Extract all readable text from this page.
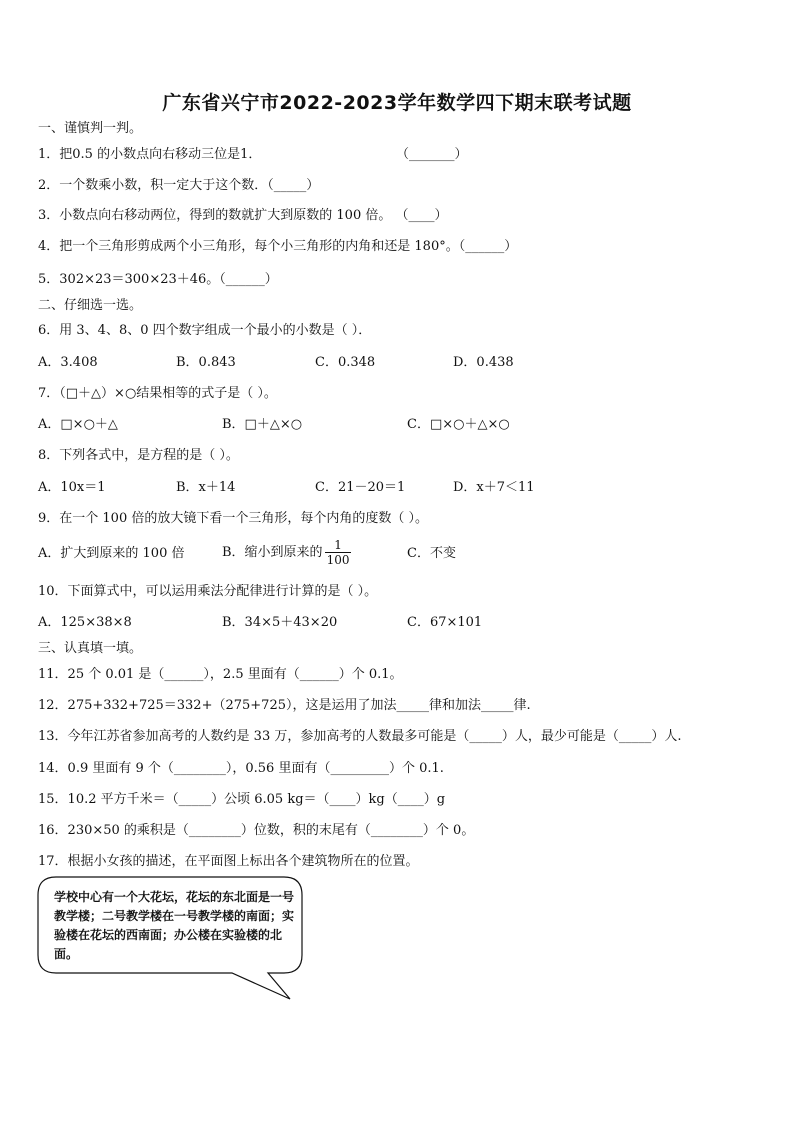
广东省兴宁市2022-2023学年数学四下期末联考试题
一、谨慎判一判。
1．把0.5 的小数点向右移动三位是1．	（_______）
2．一个数乘小数，积一定大于这个数．（_____）
3．小数点向右移动两位，得到的数就扩大到原数的 100 倍。 （____）
4．把一个三角形剪成两个小三角形，每个小三角形的内角和还是 180°。（______）
5．302×23＝300×23＋46。（______）
二、仔细选一选。
6．用 3、4、8、0 四个数字组成一个最小的小数是（ ）．
A．3.408	B．0.843	C．0.348	D．0.438
7．（□＋△）×○结果相等的式子是（ ）。
A．□×○＋△	B．□＋△×○	C．□×○＋△×○
8．下列各式中，是方程的是（ ）。
A．10x＝1	B．x＋14	C．21－20＝1	D．x＋7＜11
9．在一个 100 倍的放大镜下看一个三角形，每个内角的度数（ ）。
A．扩大到原来的 100 倍	B．缩小到原来的 $\frac{1}{100}$	C．不变
10．下面算式中，可以运用乘法分配律进行计算的是（ ）。
A．125×38×8	B．34×5＋43×20	C．67×101
三、认真填一填。
11．25 个 0.01 是（______），2.5 里面有（______）个 0.1。
12．275+332+725＝332+（275+725），这是运用了加法_____律和加法_____律.
13．今年江苏省参加高考的人数约是 33 万，参加高考的人数最多可能是（_____）人，最少可能是（_____）人.
14．0.9 里面有 9 个（________），0.56 里面有（_________）个 0.1.
15．10.2 平方千米＝（_____）公顷 6.05 kg＝（____）kg（____）g
16．230×50 的乘积是（________）位数，积的末尾有（________）个 0。
17．根据小女孩的描述，在平面图上标出各个建筑物所在的位置。
学校中心有一个大花坛，花坛的东北面是一号教学楼；二号教学楼在一号教学楼的南面；实验楼在花坛的西南面；办公楼在实验楼的北面。
